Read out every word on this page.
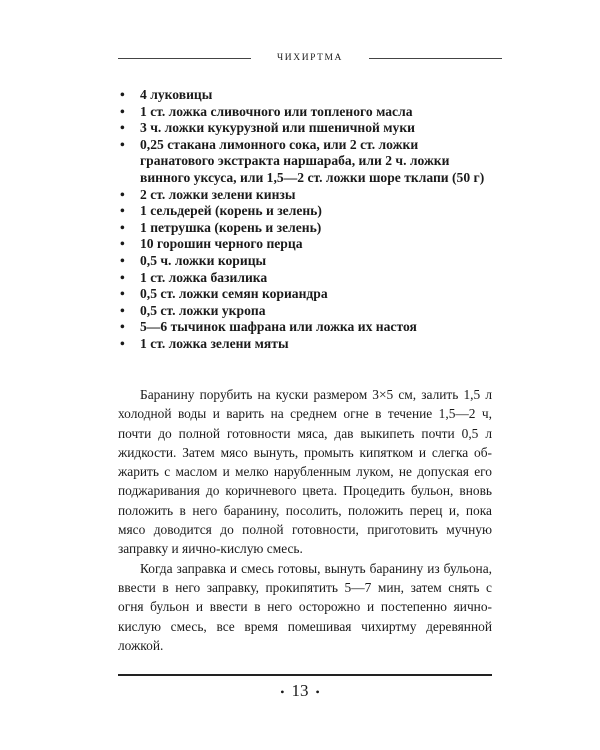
ЧИХИРТМА
• 4 луковицы
• 1 ст. ложка сливочного или топленого масла
• 3 ч. ложки кукурузной или пшеничной муки
• 0,25 стакана лимонного сока, или 2 ст. ложки гранатового экстракта наршараба, или 2 ч. ложки винного уксуса, или 1,5—2 ст. ложки шоре тклапи (50 г)
• 2 ст. ложки зелени кинзы
• 1 сельдерей (корень и зелень)
• 1 петрушка (корень и зелень)
• 10 горошин черного перца
• 0,5 ч. ложки корицы
• 1 ст. ложка базилика
• 0,5 ст. ложки семян кориандра
• 0,5 ст. ложки укропа
• 5—6 тычинок шафрана или ложка их настоя
• 1 ст. ложка зелени мяты

Баранину порубить на куски размером 3×5 см, залить 1,5 л холодной воды и варить на среднем огне в течение 1,5—2 ч, почти до полной готовности мяса, дав выкипеть почти 0,5 л жидкости. Затем мясо вынуть, промыть кипятком и слегка обжарить с маслом и мелко нарубленным луком, не допуская его поджаривания до коричневого цвета. Процедить бульон, вновь положить в него баранину, посолить, положить перец и, пока мясо доводится до полной готовности, приготовить мучную заправку и яично-кислую смесь.

Когда заправка и смесь готовы, вынуть баранину из бульона, ввести в него заправку, прокипятить 5—7 мин, затем снять с огня бульон и ввести в него осторожно и постепенно яично-кислую смесь, все время помешивая чихиртму деревянной ложкой.

• 13 •
